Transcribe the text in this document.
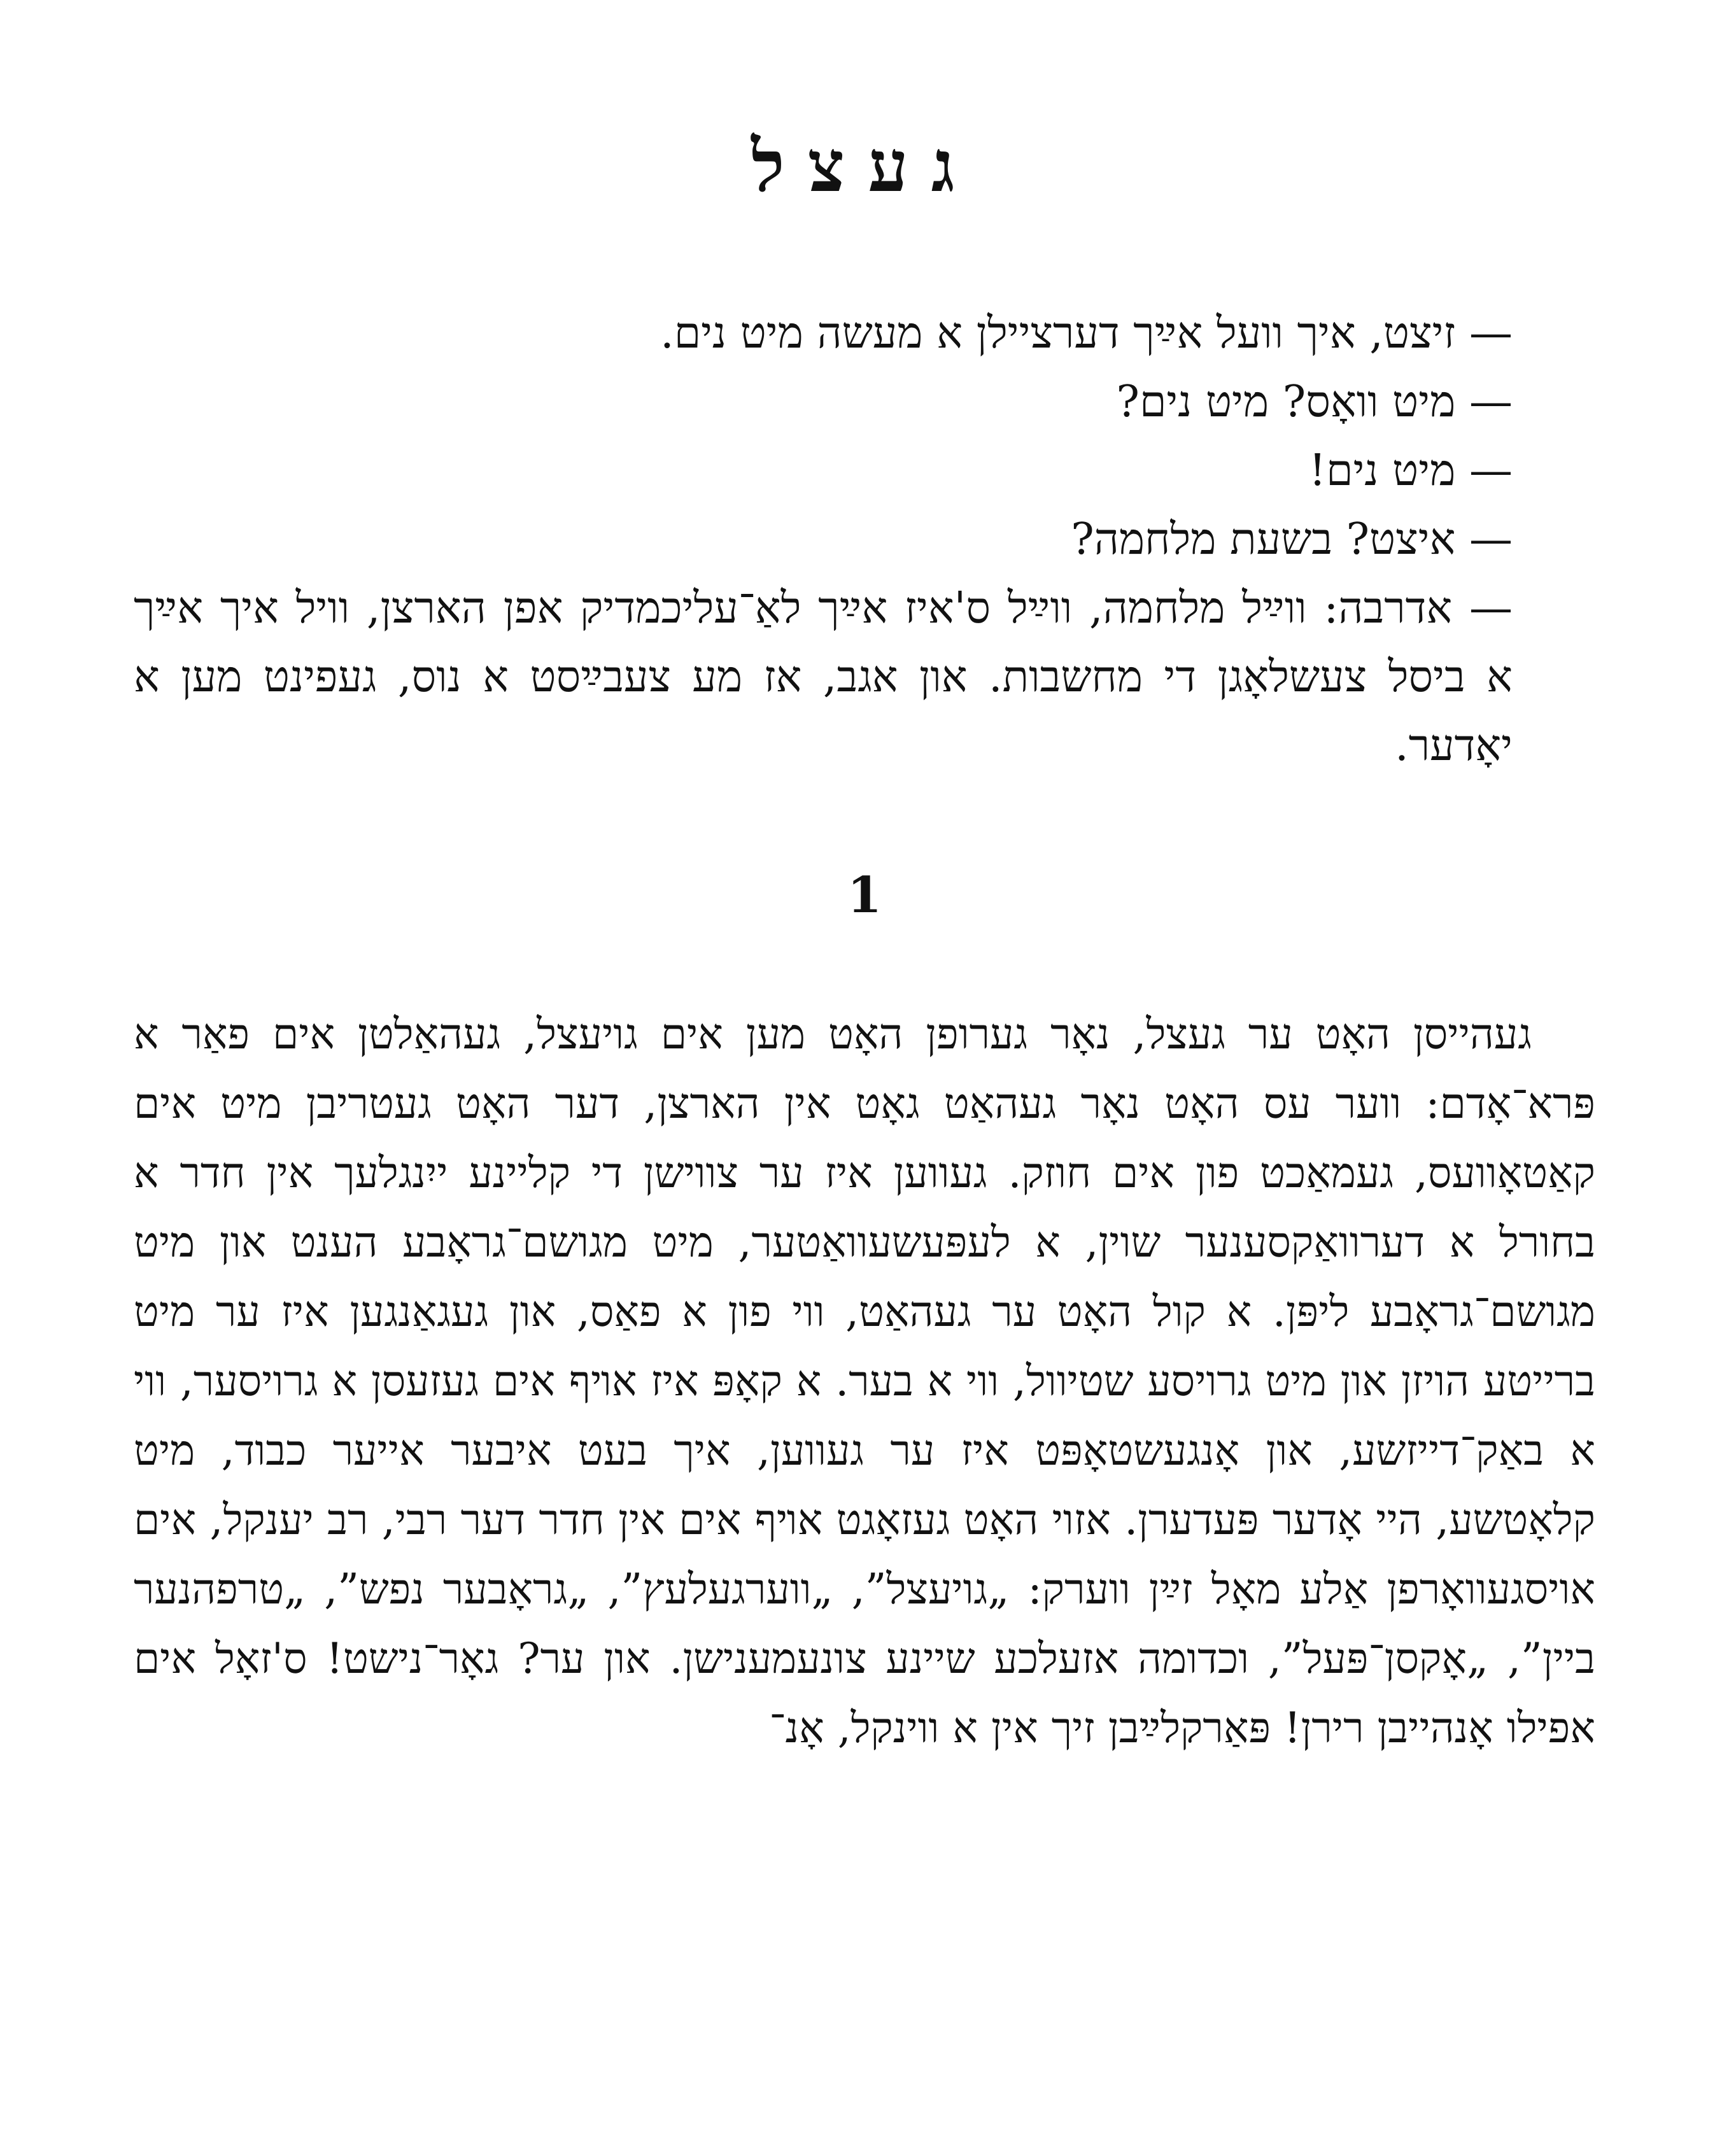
געצל

— זיצט, איך וועל אײַך דערציילן א מעשה מיט נים.

— מיט וואָס? מיט נים?

— מיט נים!

— איצט? בשעת מלחמה?

— אדרבה: ווײַל מלחמה, ווײַל ס'איז אײַך לאַ־עליכמדיק אפן הארצן, וויל איך אײַך א ביסל צעשלאָגן די מחשבות. און אגב, אז מע צעבײַסט א נוס, געפינט מען א יאָדער.

1

געהייסן האָט ער געצל, נאָר גערופן האָט מען אים גויעצל, געהאַלטן אים פאַר א פּרא־אָדם: ווער עס האָט נאָר געהאַט גאָט אין הארצן, דער האָט געטריבן מיט אים קאַטאָוועס, געמאַכט פון אים חוזק. געווען איז ער צווישן די קליינע ייִנגלעך אין חדר א בחורל א דערוואַקסענער שוין, א לעפּעשעוואַטער, מיט מגושם־גראָבע הענט און מיט מגושם־גראָבע ליפּן. א קול האָט ער געהאַט, ווי פון א פאַס, און געגאַנגען איז ער מיט ברייטע הויזן און מיט גרויסע שטיוול, ווי א בער. א קאָפּ איז אױף אים געזעסן א גרויסער, ווי א באַק־דייזשע, און אָנגעשטאָפּט איז ער געווען, איך בעט איבער אייער כבוד, מיט קלאָטשע, היי אָדער פּעדערן. אזוי האָט געזאָגט אױף אים אין חדר דער רבי, רב יענקל, אים אויסגעוואָרפן אַלע מאָל זײַן ווערק: „גויעצל”, „ווערגעלעץ”, „גראָבער נפש”, „טרפהנער ביין”, „אָקסן־פּעל”, וכדומה אזעלכע שיינע צונעמענישן. און ער? גאָר־נישט! ס'זאָל אים אפילו אָנהייבן רירן! פּאַרקלײַבן זיך אין א ווינקל, אָנ־
